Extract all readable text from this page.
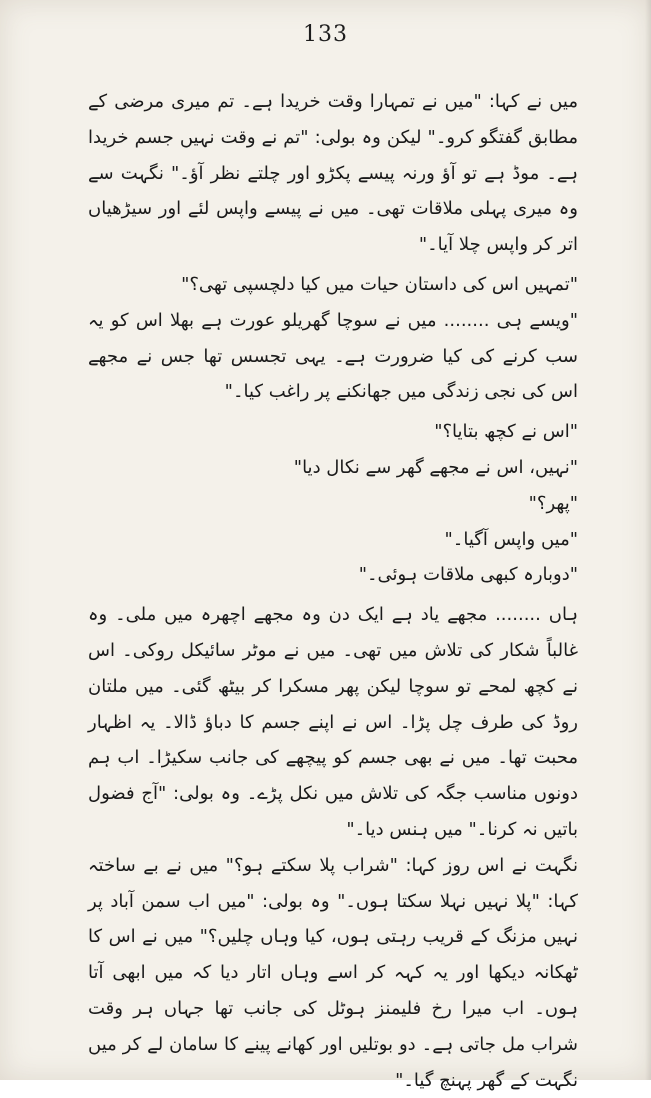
133

میں نے کہا: "میں نے تمہارا وقت خریدا ہے۔ تم میری مرضی کے مطابق گفتگو کرو۔" لیکن وہ بولی: "تم نے وقت نہیں جسم خریدا ہے۔ موڈ ہے تو آؤ ورنہ پیسے پکڑو اور چلتے نظر آؤ۔" نگہت سے وہ میری پہلی ملاقات تھی۔ میں نے پیسے واپس لئے اور سیڑھیاں اتر کر واپس چلا آیا۔"

"تمہیں اس کی داستان حیات میں کیا دلچسپی تھی؟"

"ویسے ہی ........ میں نے سوچا گھریلو عورت ہے بھلا اس کو یہ سب کرنے کی کیا ضرورت ہے۔ یہی تجسس تھا جس نے مجھے اس کی نجی زندگی میں جھانکنے پر راغب کیا۔"

"اس نے کچھ بتایا؟"

"نہیں، اس نے مجھے گھر سے نکال دیا"

"پھر؟"

"میں واپس آگیا۔"

"دوبارہ کبھی ملاقات ہوئی۔"

ہاں ........ مجھے یاد ہے ایک دن وہ مجھے اچھرہ میں ملی۔ وہ غالباً شکار کی تلاش میں تھی۔ میں نے موٹر سائیکل روکی۔ اس نے کچھ لمحے تو سوچا لیکن پھر مسکرا کر بیٹھ گئی۔ میں ملتان روڈ کی طرف چل پڑا۔ اس نے اپنے جسم کا دباؤ ڈالا۔ یہ اظہار محبت تھا۔ میں نے بھی جسم کو پیچھے کی جانب سکیڑا۔ اب ہم دونوں مناسب جگہ کی تلاش میں نکل پڑے۔ وہ بولی: "آج فضول باتیں نہ کرنا۔" میں ہنس دیا۔"

نگہت نے اس روز کہا: "شراب پلا سکتے ہو؟" میں نے بے ساختہ کہا: "پلا نہیں نہلا سکتا ہوں۔" وہ بولی: "میں اب سمن آباد پر نہیں مزنگ کے قریب رہتی ہوں، کیا وہاں چلیں؟" میں نے اس کا ٹھکانہ دیکھا اور یہ کہہ کر اسے وہاں اتار دیا کہ میں ابھی آتا ہوں۔ اب میرا رخ فلیمنز ہوٹل کی جانب تھا جہاں ہر وقت شراب مل جاتی ہے۔ دو بوتلیں اور کھانے پینے کا سامان لے کر میں نگہت کے گھر پہنچ گیا۔"
